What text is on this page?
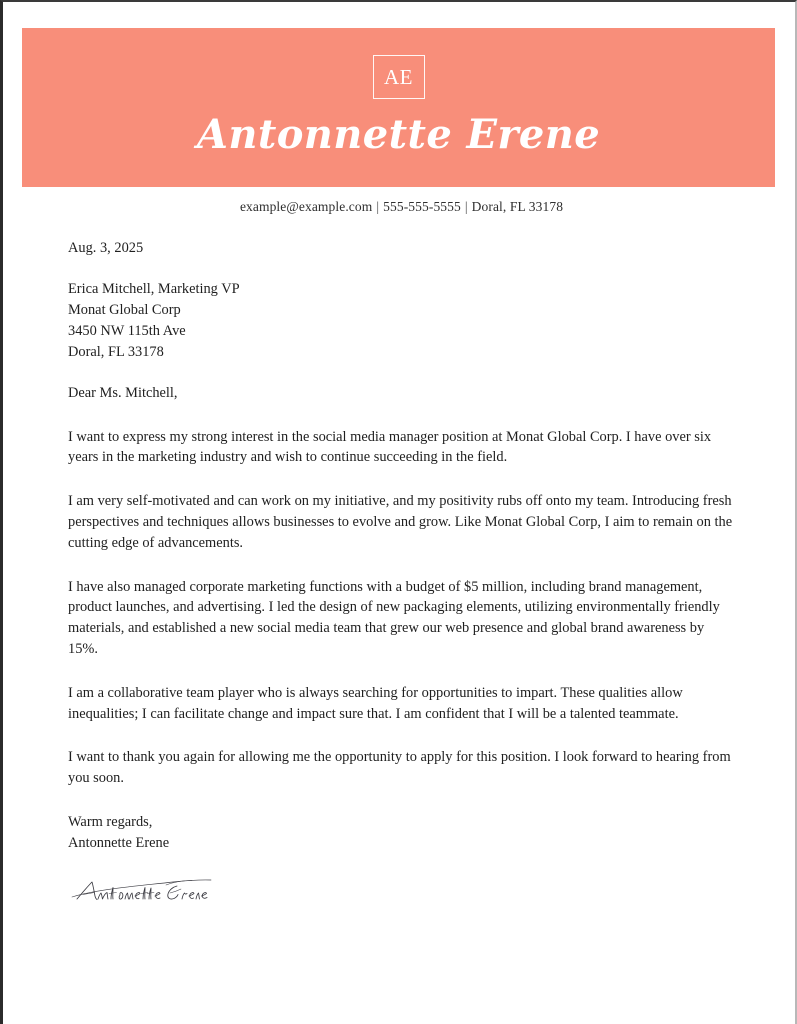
AE
Antonnette Erene
example@example.com | 555-555-5555 | Doral, FL 33178
Aug. 3, 2025
Erica Mitchell, Marketing VP
Monat Global Corp
3450 NW 115th Ave
Doral, FL 33178
Dear Ms. Mitchell,

I want to express my strong interest in the social media manager position at Monat Global Corp. I have over six years in the marketing industry and wish to continue succeeding in the field.

I am very self-motivated and can work on my initiative, and my positivity rubs off onto my team. Introducing fresh perspectives and techniques allows businesses to evolve and grow. Like Monat Global Corp, I aim to remain on the cutting edge of advancements.

I have also managed corporate marketing functions with a budget of $5 million, including brand management, product launches, and advertising. I led the design of new packaging elements, utilizing environmentally friendly materials, and established a new social media team that grew our web presence and global brand awareness by 15%.

I am a collaborative team player who is always searching for opportunities to impart. These qualities allow inequalities; I can facilitate change and impact sure that. I am confident that I will be a talented teammate.

I want to thank you again for allowing me the opportunity to apply for this position. I look forward to hearing from you soon.

Warm regards,
Antonnette Erene
